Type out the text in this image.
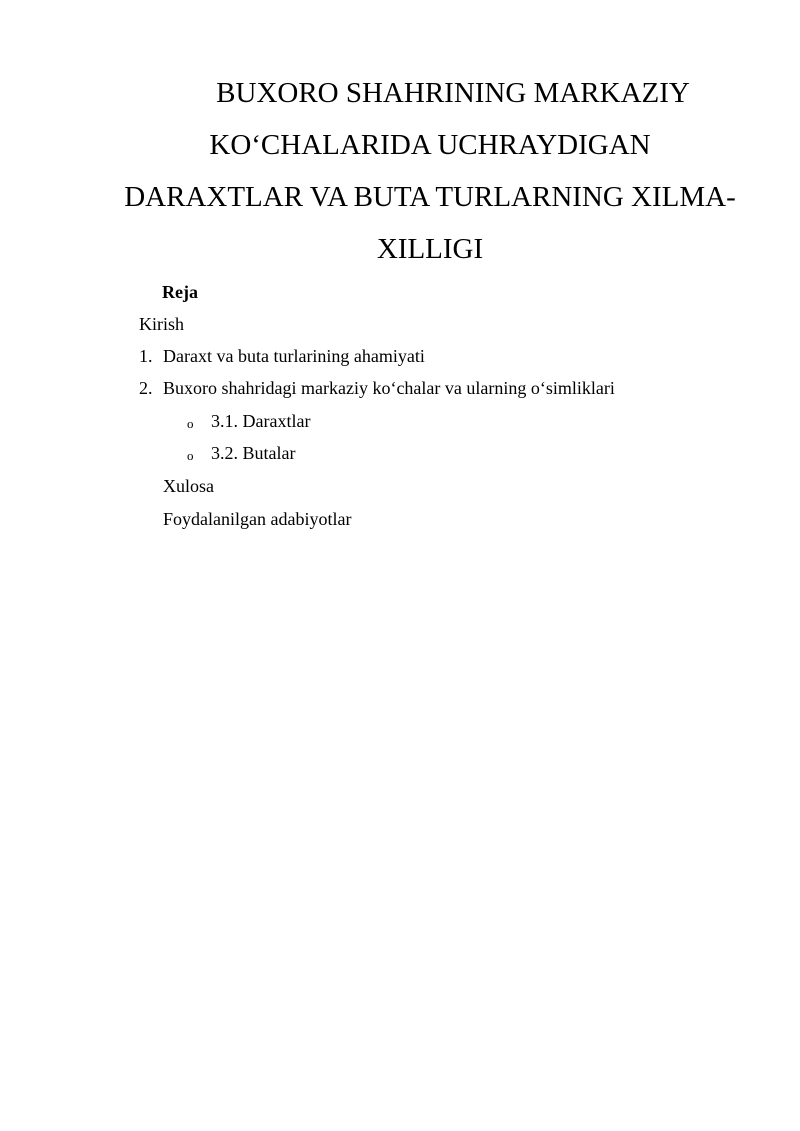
BUXORO SHAHRINING MARKAZIY
KO‘CHALARIDA UCHRAYDIGAN
DARAXTLAR VA BUTA TURLARNING XILMA-
XILLIGI
Reja
Kirish
1. Daraxt va buta turlarining ahamiyati
2. Buxoro shahridagi markaziy ko‘chalar va ularning o‘simliklari
o 3.1. Daraxtlar
o 3.2. Butalar
Xulosa
Foydalanilgan adabiyotlar
